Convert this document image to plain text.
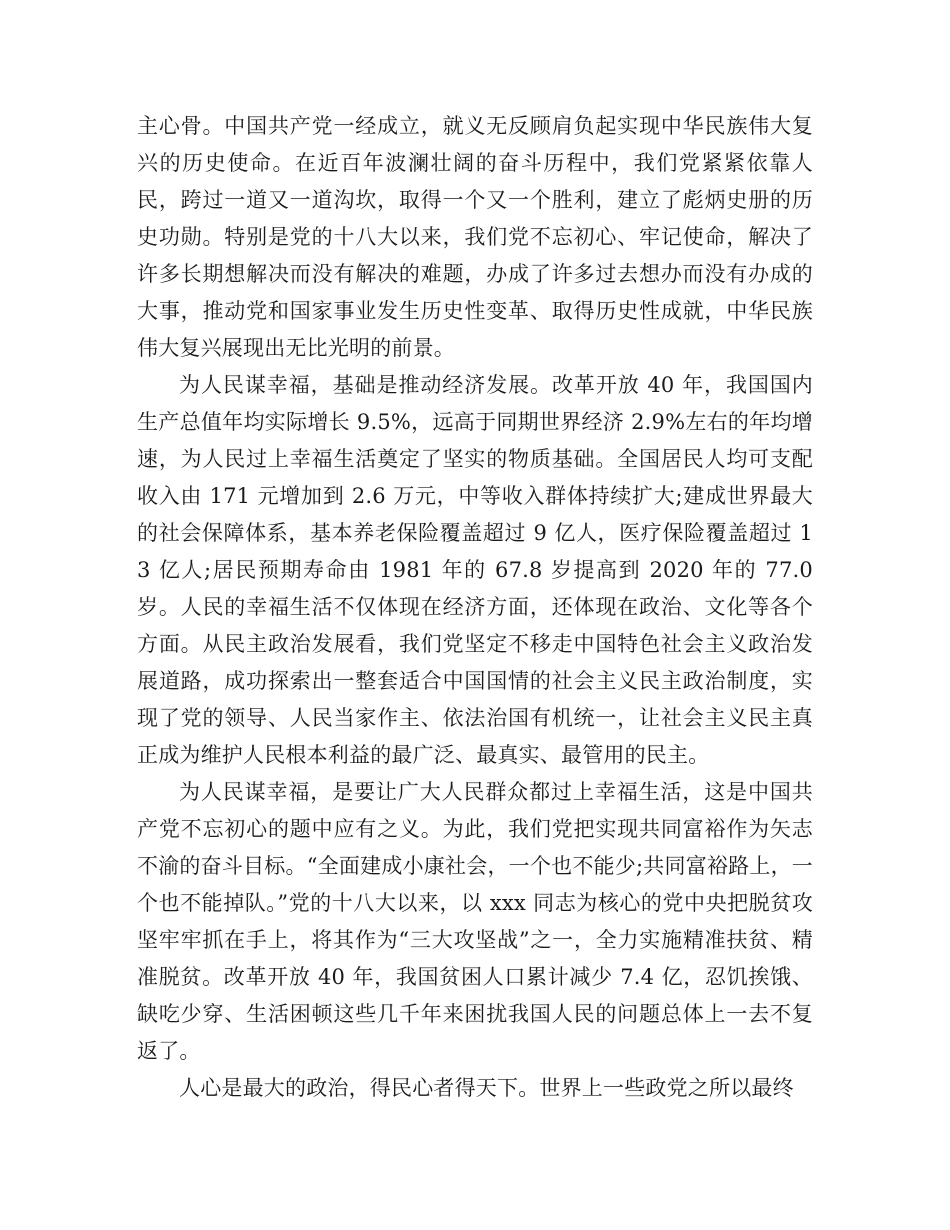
主心骨。中国共产党一经成立，就义无反顾肩负起实现中华民族伟大复兴的历史使命。在近百年波澜壮阔的奋斗历程中，我们党紧紧依靠人民，跨过一道又一道沟坎，取得一个又一个胜利，建立了彪炳史册的历史功勋。特别是党的十八大以来，我们党不忘初心、牢记使命，解决了许多长期想解决而没有解决的难题，办成了许多过去想办而没有办成的大事，推动党和国家事业发生历史性变革、取得历史性成就，中华民族伟大复兴展现出无比光明的前景。

为人民谋幸福，基础是推动经济发展。改革开放 40 年，我国国内生产总值年均实际增长 9.5%，远高于同期世界经济 2.9%左右的年均增速，为人民过上幸福生活奠定了坚实的物质基础。全国居民人均可支配收入由 171 元增加到 2.6 万元，中等收入群体持续扩大;建成世界最大的社会保障体系，基本养老保险覆盖超过 9 亿人，医疗保险覆盖超过 13 亿人;居民预期寿命由 1981 年的 67.8 岁提高到 2020 年的 77.0 岁。人民的幸福生活不仅体现在经济方面，还体现在政治、文化等各个方面。从民主政治发展看，我们党坚定不移走中国特色社会主义政治发展道路，成功探索出一整套适合中国国情的社会主义民主政治制度，实现了党的领导、人民当家作主、依法治国有机统一，让社会主义民主真正成为维护人民根本利益的最广泛、最真实、最管用的民主。

为人民谋幸福，是要让广大人民群众都过上幸福生活，这是中国共产党不忘初心的题中应有之义。为此，我们党把实现共同富裕作为矢志不渝的奋斗目标。“全面建成小康社会，一个也不能少;共同富裕路上，一个也不能掉队。”党的十八大以来，以 xxx 同志为核心的党中央把脱贫攻坚牢牢抓在手上，将其作为“三大攻坚战”之一，全力实施精准扶贫、精准脱贫。改革开放 40 年，我国贫困人口累计减少 7.4 亿，忍饥挨饿、缺吃少穿、生活困顿这些几千年来困扰我国人民的问题总体上一去不复返了。

人心是最大的政治，得民心者得天下。世界上一些政党之所以最终
